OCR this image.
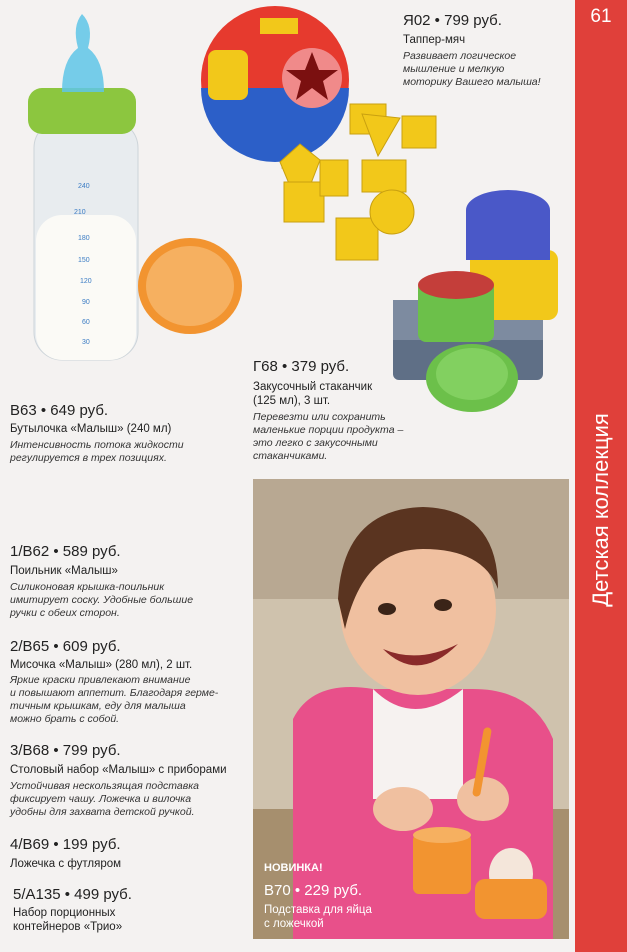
61
Детская коллекция
240
210
180
150
120
90
60
30
Я02 • 799 руб.
Таппер-мяч
Развивает логическое
мышление и мелкую
моторику Вашего малыша!
Г68 • 379 руб.
Закусочный стаканчик
(125 мл), 3 шт.
Перевезти или сохранить
маленькие порции продукта –
это легко с закусочными
стаканчиками.
В63 • 649 руб.
Бутылочка «Малыш» (240 мл)
Интенсивность потока жидкости
регулируется в трех позициях.
1/В62 • 589 руб.
Поильник «Малыш»
Силиконовая крышка-поильник
имитирует соску. Удобные большие
ручки с обеих сторон.
2/В65 • 609 руб.
Мисочка «Малыш» (280 мл), 2 шт.
Яркие краски привлекают внимание
и повышают аппетит. Благодаря герме-
тичным крышкам, еду для малыша
можно брать с собой.
3/В68 • 799 руб.
Столовый набор «Малыш» с приборами
Устойчивая нескользящая подставка
фиксирует чашу. Ложечка и вилочка
удобны для захвата детской ручкой.
4/В69 • 199 руб.
Ложечка с футляром
5/А135 • 499 руб.
Набор порционных
контейнеров «Трио»
НОВИНКА!
В70 • 229 руб.
Подставка для яйца
с ложечкой
